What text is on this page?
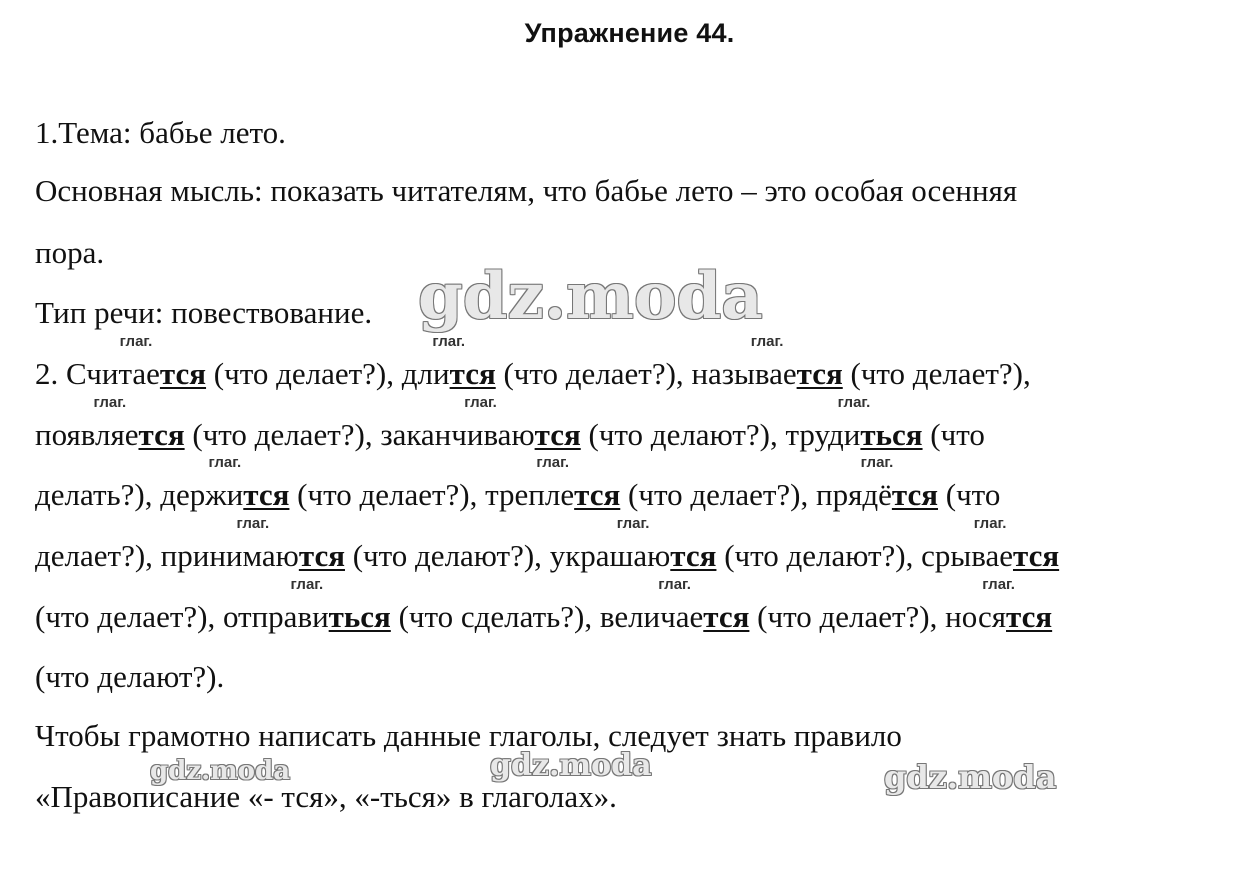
Упражнение 44.
1.Тема: бабье лето.
Основная мысль: показать читателям, что бабье лето – это особая осенняя
пора.
Тип речи: повествование.
2.
глаг.
Считается (что делает?),
глаг.
длится (что делает?),
глаг.
называется (что делает?),
глаг.
появляется (что делает?),
глаг.
заканчиваются (что делают?),
глаг.
трудиться (что
делать?),
глаг.
держится (что делает?),
глаг.
треплется (что делает?),
глаг.
прядётся (что
делает?),
глаг.
принимаются (что делают?),
глаг.
украшаются (что делают?),
глаг.
срывается
(что делает?),
глаг.
отправиться (что сделать?),
глаг.
величается (что делает?),
глаг.
носятся
(что делают?).
Чтобы грамотно написать данные глаголы, следует знать правило
«Правописание «- тся», «-ться» в глаголах».
gdz.moda
gdz.moda	gdz.moda	gdz.moda
